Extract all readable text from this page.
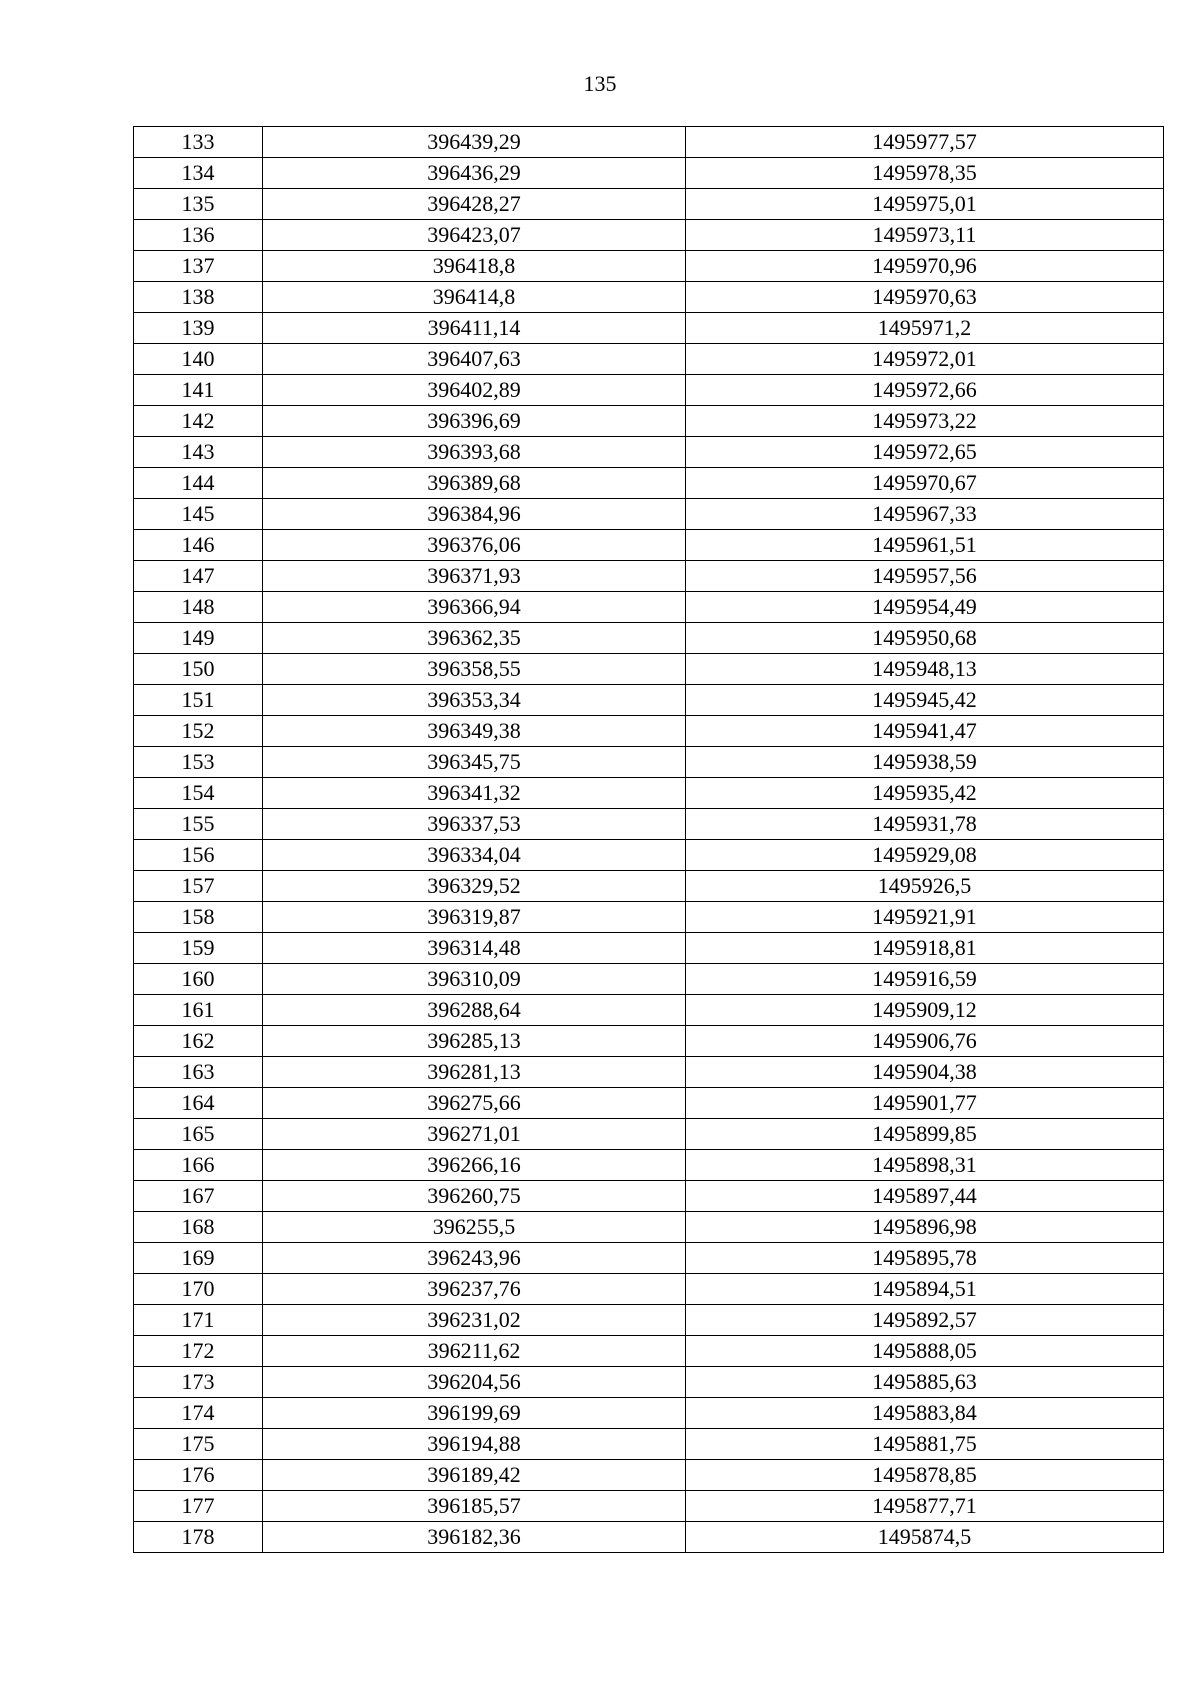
135
133	396439,29	1495977,57
134	396436,29	1495978,35
135	396428,27	1495975,01
136	396423,07	1495973,11
137	396418,8	1495970,96
138	396414,8	1495970,63
139	396411,14	1495971,2
140	396407,63	1495972,01
141	396402,89	1495972,66
142	396396,69	1495973,22
143	396393,68	1495972,65
144	396389,68	1495970,67
145	396384,96	1495967,33
146	396376,06	1495961,51
147	396371,93	1495957,56
148	396366,94	1495954,49
149	396362,35	1495950,68
150	396358,55	1495948,13
151	396353,34	1495945,42
152	396349,38	1495941,47
153	396345,75	1495938,59
154	396341,32	1495935,42
155	396337,53	1495931,78
156	396334,04	1495929,08
157	396329,52	1495926,5
158	396319,87	1495921,91
159	396314,48	1495918,81
160	396310,09	1495916,59
161	396288,64	1495909,12
162	396285,13	1495906,76
163	396281,13	1495904,38
164	396275,66	1495901,77
165	396271,01	1495899,85
166	396266,16	1495898,31
167	396260,75	1495897,44
168	396255,5	1495896,98
169	396243,96	1495895,78
170	396237,76	1495894,51
171	396231,02	1495892,57
172	396211,62	1495888,05
173	396204,56	1495885,63
174	396199,69	1495883,84
175	396194,88	1495881,75
176	396189,42	1495878,85
177	396185,57	1495877,71
178	396182,36	1495874,5
